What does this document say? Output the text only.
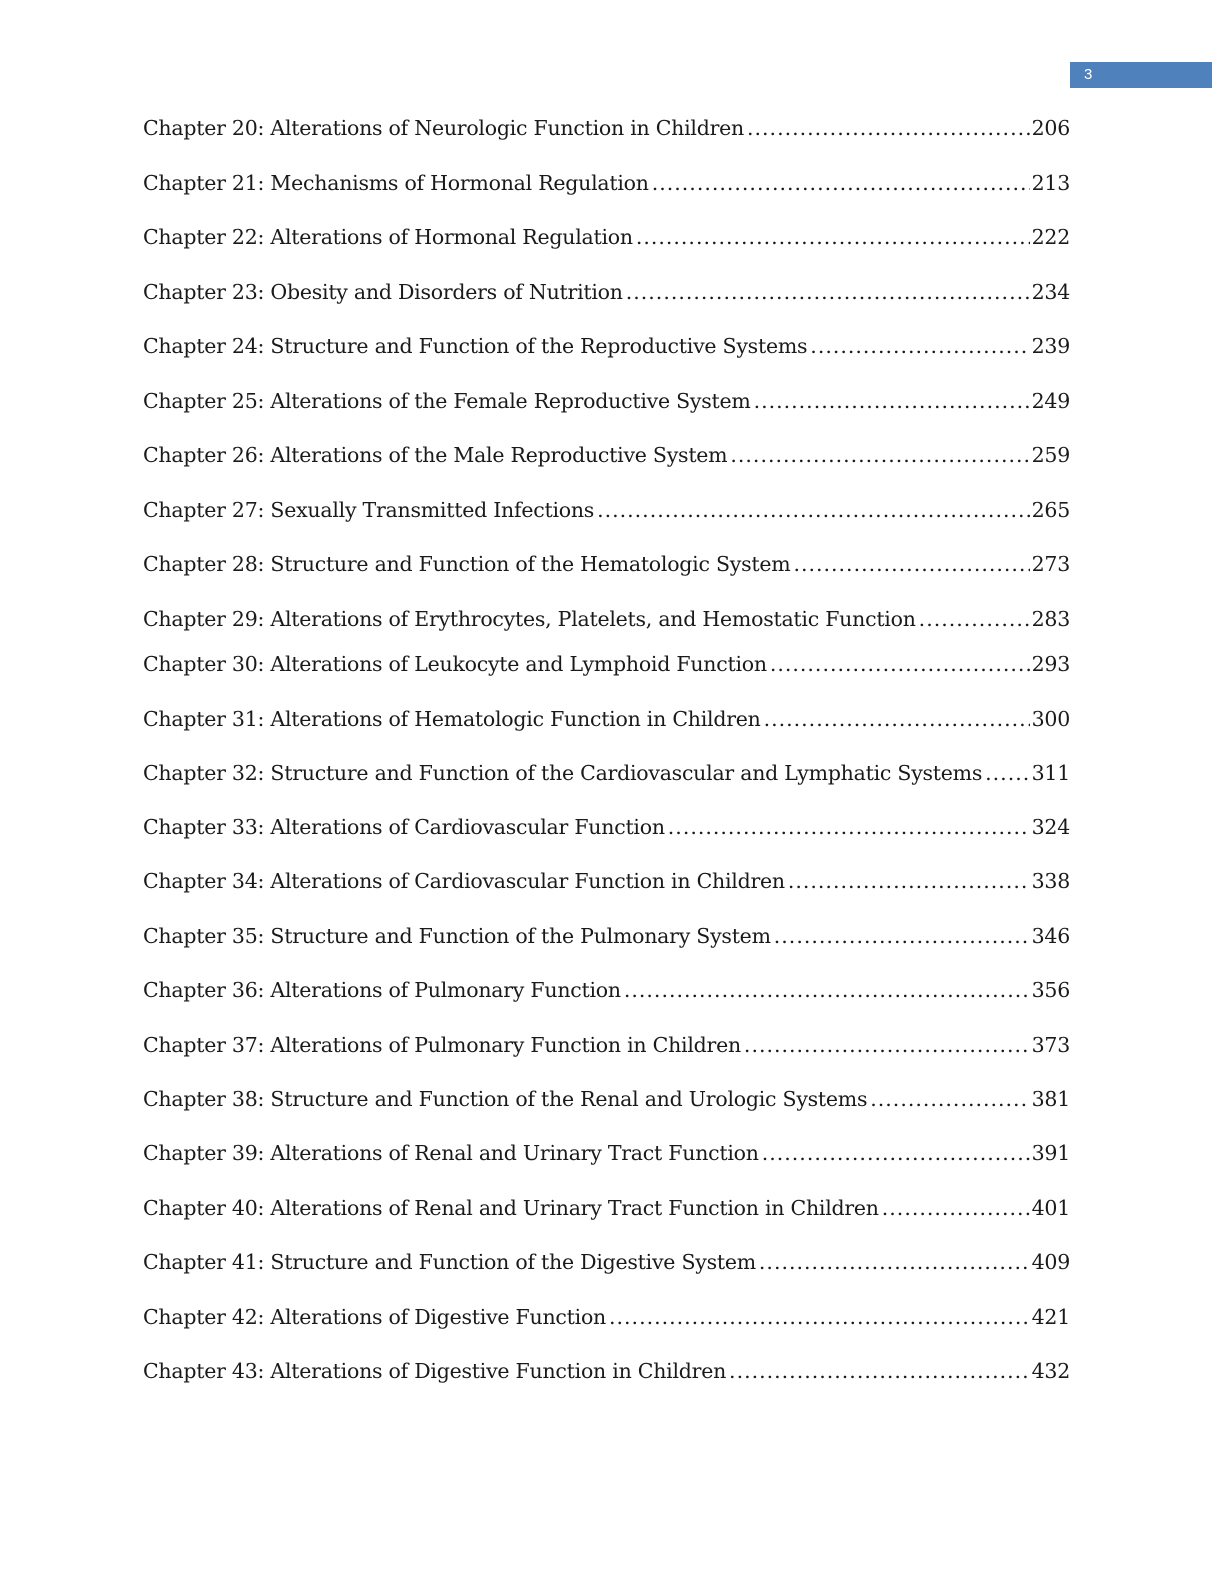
3
Chapter 20: Alterations of Neurologic Function in Children .....	206
Chapter 21: Mechanisms of Hormonal Regulation .....	213
Chapter 22: Alterations of Hormonal Regulation .....	222
Chapter 23: Obesity and Disorders of Nutrition .....	234
Chapter 24: Structure and Function of the Reproductive Systems .....	239
Chapter 25: Alterations of the Female Reproductive System .....	249
Chapter 26: Alterations of the Male Reproductive System .....	259
Chapter 27: Sexually Transmitted Infections .....	265
Chapter 28: Structure and Function of the Hematologic System .....	273
Chapter 29: Alterations of Erythrocytes, Platelets, and Hemostatic Function .....	283
Chapter 30: Alterations of Leukocyte and Lymphoid Function .....	293
Chapter 31: Alterations of Hematologic Function in Children .....	300
Chapter 32: Structure and Function of the Cardiovascular and Lymphatic Systems ..... 311
Chapter 33: Alterations of Cardiovascular Function .....	324
Chapter 34: Alterations of Cardiovascular Function in Children .....	338
Chapter 35: Structure and Function of the Pulmonary System .....	346
Chapter 36: Alterations of Pulmonary Function .....	356
Chapter 37: Alterations of Pulmonary Function in Children .....	373
Chapter 38: Structure and Function of the Renal and Urologic Systems .....	381
Chapter 39: Alterations of Renal and Urinary Tract Function .....	391
Chapter 40: Alterations of Renal and Urinary Tract Function in Children .....	401
Chapter 41: Structure and Function of the Digestive System .....	409
Chapter 42: Alterations of Digestive Function .....	421
Chapter 43: Alterations of Digestive Function in Children .....	432
